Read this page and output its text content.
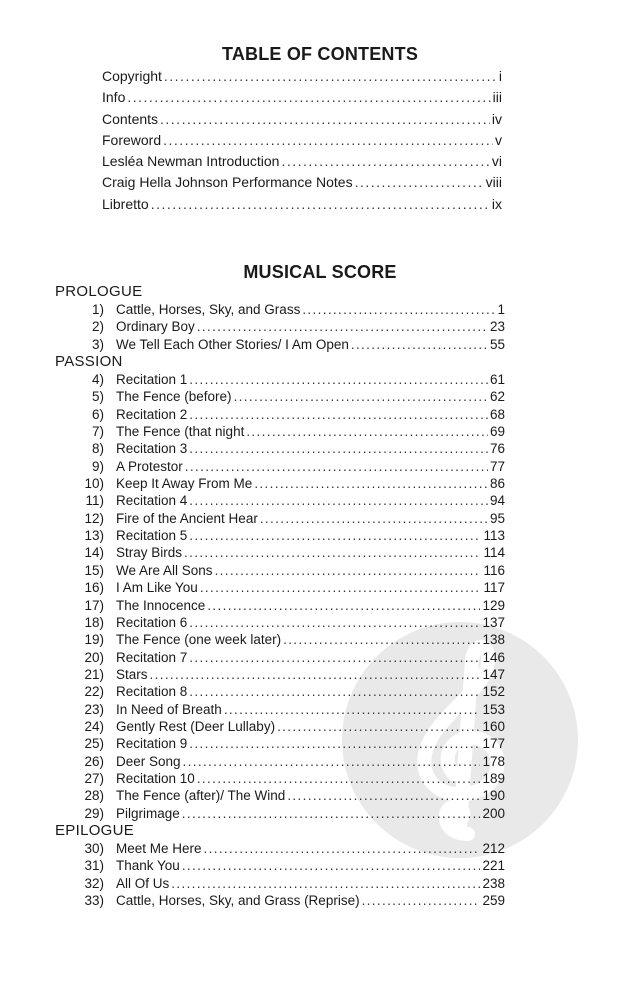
TABLE OF CONTENTS
Copyright . . .	i
Info . . .	iii
Contents . . .	iv
Foreword . . .	v
Lesléa Newman Introduction . . .	vi
Craig Hella Johnson Performance Notes . . .	viii
Libretto . . .	ix
MUSICAL SCORE
PROLOGUE
1) Cattle, Horses, Sky, and Grass . . .	1
2) Ordinary Boy . . .	23
3) We Tell Each Other Stories/ I Am Open . . .	55
PASSION
4) Recitation 1 . . .	61
5) The Fence (before) . . .	62
6) Recitation 2 . . .	68
7) The Fence (that night . . .	69
8) Recitation 3 . . .	76
9) A Protestor . . .	77
10) Keep It Away From Me . . .	86
11) Recitation 4 . . .	94
12) Fire of the Ancient Hear . . .	95
13) Recitation 5 . . .	113
14) Stray Birds . . .	114
15) We Are All Sons . . .	116
16) I Am Like You . . .	117
17) The Innocence . . .	129
18) Recitation 6 . . .	137
19) The Fence (one week later) . . .	138
20) Recitation 7 . . .	146
21) Stars . . .	147
22) Recitation 8 . . .	152
23) In Need of Breath . . .	153
24) Gently Rest (Deer Lullaby) . . .	160
25) Recitation 9 . . .	177
26) Deer Song . . .	178
27) Recitation 10 . . .	189
28) The Fence (after)/ The Wind . . .	190
29) Pilgrimage . . .	200
EPILOGUE
30) Meet Me Here . . .	212
31) Thank You . . .	221
32) All Of Us . . .	238
33) Cattle, Horses, Sky, and Grass (Reprise) . . .	259
